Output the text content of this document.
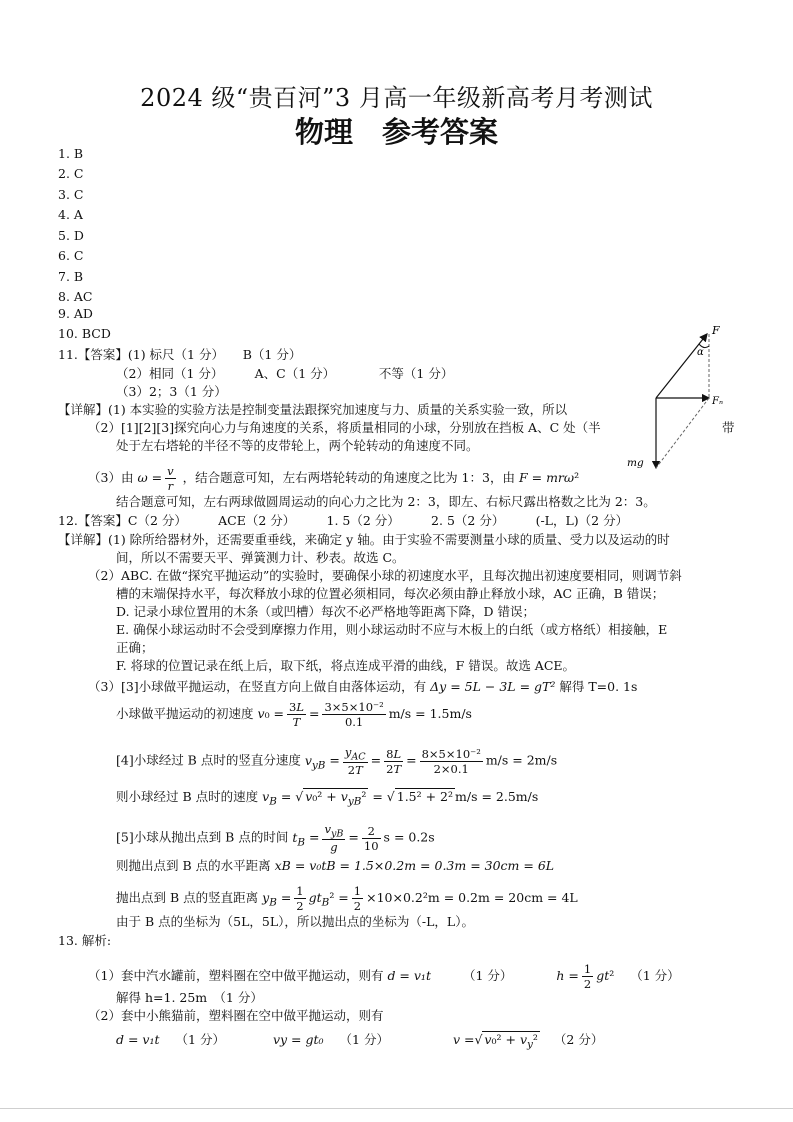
2024 级“贵百河”3 月高一年级新高考月考测试
物理　参考答案
1. B
2. C
3. C
4. A
5. D
6. C
7. B
8. AC
9. AD
10. BCD
11.【答案】(1) 标尺（1 分）　　B（1 分）
（2）相同（1 分）　　　A、C（1 分）　　　　不等（1 分）
（3）2；3（1 分）
【详解】(1) 本实验的实验方法是控制变量法跟探究加速度与力、质量的关系实验一致，所以
（2）[1][2][3]探究向心力与角速度的关系，将质量相同的小球，分别放在挡板 A、C 处（半	带
处于左右塔轮的半径不等的皮带轮上，两个轮转动的角速度不同。
（3）由 $\omega = \frac{v}{r}$ ，结合题意可知，左右两塔轮转动的角速度之比为 1：3，由 F = mrω²
结合题意可知，左右两球做圆周运动的向心力之比为 2：3，即左、右标尺露出格数之比为 2：3。
F
α
Fₙ
mg
12.【答案】C（2 分）　　　ACE（2 分）　　　1. 5（2 分）　　　2. 5（2 分）　　　(-L，L)（2 分）
【详解】(1) 除所给器材外，还需要重垂线，来确定 y 轴。由于实验不需要测量小球的质量、受力以及运动的时
间，所以不需要天平、弹簧测力计、秒表。故选 C。
（2）ABC. 在做“探究平抛运动”的实验时，要确保小球的初速度水平，且每次抛出初速度要相同，则调节斜
槽的末端保持水平，每次释放小球的位置必须相同，每次必须由静止释放小球，AC 正确，B 错误；
D. 记录小球位置用的木条（或凹槽）每次不必严格地等距离下降，D 错误；
E. 确保小球运动时不会受到摩擦力作用，则小球运动时不应与木板上的白纸（或方格纸）相接触，E
正确；
F. 将球的位置记录在纸上后，取下纸，将点连成平滑的曲线，F 错误。故选 ACE。
（3）[3]小球做平抛运动，在竖直方向上做自由落体运动，有 Δy = 5L − 3L = gT² 解得 T=0. 1s
小球做平抛运动的初速度 $v_0 = \frac{3L}{T} = \frac{\text{3×5×10⁻²}}{0.1} m/s = 1.5m/s$
[4]小球经过 B 点时的竖直分速度 $v_{yB} = \frac{y_{AC}}{2T} = \frac{8L}{2T} = \frac{\text{8×5×10⁻²}}{2\times 0.1} m/s = 2m/s$
则小球经过 B 点时的速度 $v_B$ = √ $v_0^2 + v_{yB}^2$ = √ 1.5² + 2² m/s = 2.5m/s
[5]小球从抛出点到 B 点的时间 $t_B = \frac{v_{yB}}{g} = \frac{2}{10}$ s = 0.2s
则抛出点到 B 点的水平距离 xB = v₀tB = 1.5×0.2m = 0.3m = 30cm = 6L
抛出点到 B 点的竖直距离 $y_B = \frac{1}{2} gt_B^2 = \frac{1}{2} \times 10\times 0.2^2m = 0.2m = 20cm = 4L$
由于 B 点的坐标为（5L，5L），所以抛出点的坐标为（-L，L）。
13. 解析:
（1）套中汽水罐前，塑料圈在空中做平抛运动，则有 d = v₁t	（1 分）	$h = \frac{1}{2} gt^2$ （1 分）
解得 h=1. 25m　（1 分）
（2）套中小熊猫前，塑料圈在空中做平抛运动，则有
d = v₁t （1 分）	vy = gt₀ （1 分）	v =√ $v_0^2 + v_y^2$ （2 分）
